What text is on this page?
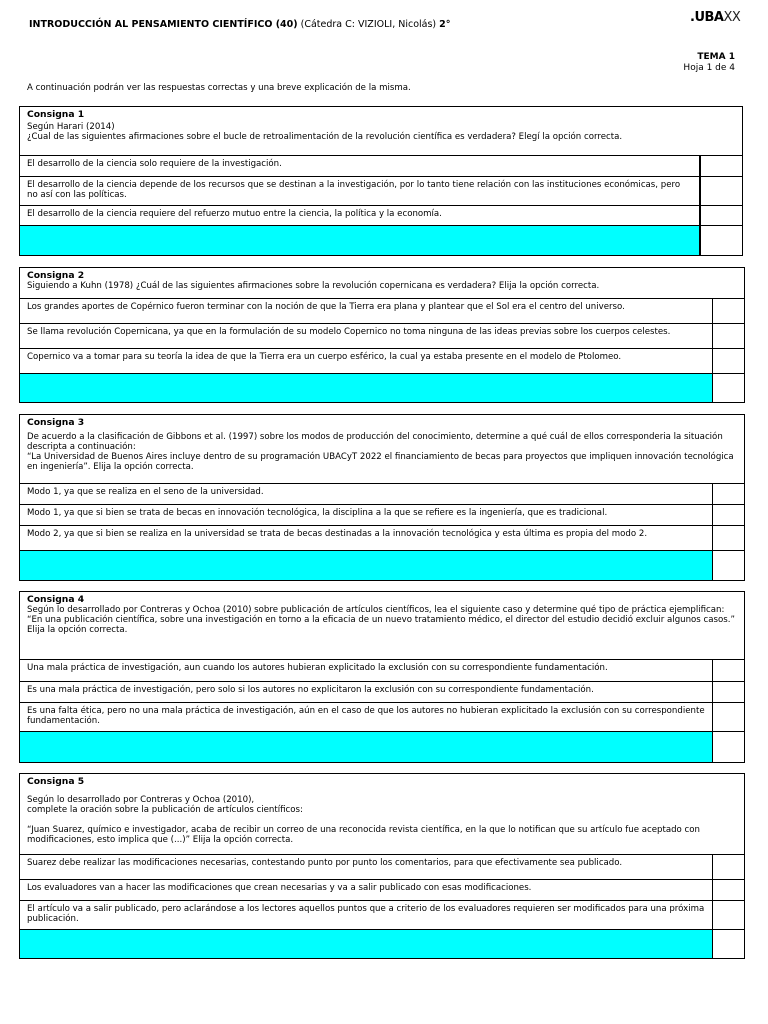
INTRODUCCIÓN AL PENSAMIENTO CIENTÍFICO (40) (Cátedra C: VIZIOLI, Nicolás) 2°	.UBAXX
TEMA 1
Hoja 1 de 4
A continuación podrán ver las respuestas correctas y una breve explicación de la misma.
Consigna 1
Según Harari (2014)
¿Cual de las siguientes afirmaciones sobre el bucle de retroalimentación de la revolución científica es verdadera? Elegí la opción correcta.
El desarrollo de la ciencia solo requiere de la investigación.
El desarrollo de la ciencia depende de los recursos que se destinan a la investigación, por lo tanto tiene relación con las instituciones económicas, pero no así con las políticas.
El desarrollo de la ciencia requiere del refuerzo mutuo entre la ciencia, la política y la economía.
Consigna 2
Siguiendo a Kuhn (1978) ¿Cuál de las siguientes afirmaciones sobre la revolución copernicana es verdadera? Elija la opción correcta.
Los grandes aportes de Copérnico fueron terminar con la noción de que la Tierra era plana y plantear que el Sol era el centro del universo.
Se llama revolución Copernicana, ya que en la formulación de su modelo Copernico no toma ninguna de las ideas previas sobre los cuerpos celestes.
Copernico va a tomar para su teoría la idea de que la Tierra era un cuerpo esférico, la cual ya estaba presente en el modelo de Ptolomeo.
Consigna 3
De acuerdo a la clasificación de Gibbons et al. (1997) sobre los modos de producción del conocimiento, determine a qué cuál de ellos corresponderia la situación descripta a continuación:
“La Universidad de Buenos Aires incluye dentro de su programación UBACyT 2022 el financiamiento de becas para proyectos que impliquen innovación tecnológica en ingeniería”. Elija la opción correcta.
Modo 1, ya que se realiza en el seno de la universidad.
Modo 1, ya que si bien se trata de becas en innovación tecnológica, la disciplina a la que se refiere es la ingeniería, que es tradicional.
Modo 2, ya que si bien se realiza en la universidad se trata de becas destinadas a la innovación tecnológica y esta última es propia del modo 2.
Consigna 4
Según lo desarrollado por Contreras y Ochoa (2010) sobre publicación de artículos científicos, lea el siguiente caso y determine qué tipo de práctica ejemplifican:
“En una publicación científica, sobre una investigación en torno a la eficacia de un nuevo tratamiento médico, el director del estudio decidió excluir algunos casos.”
Elija la opción correcta.
Una mala práctica de investigación, aun cuando los autores hubieran explicitado la exclusión con su correspondiente fundamentación.
Es una mala práctica de investigación, pero solo si los autores no explicitaron la exclusión con su correspondiente fundamentación.
Es una falta ética, pero no una mala práctica de investigación, aún en el caso de que los autores no hubieran explicitado la exclusión con su correspondiente fundamentación.
Consigna 5
Según lo desarrollado por Contreras y Ochoa (2010),
complete la oración sobre la publicación de artículos científicos:
“Juan Suarez, químico e investigador, acaba de recibir un correo de una reconocida revista científica, en la que lo notifican que su artículo fue aceptado con modificaciones, esto implica que (...)” Elija la opción correcta.
Suarez debe realizar las modificaciones necesarias, contestando punto por punto los comentarios, para que efectivamente sea publicado.
Los evaluadores van a hacer las modificaciones que crean necesarias y va a salir publicado con esas modificaciones.
El artículo va a salir publicado, pero aclarándose a los lectores aquellos puntos que a criterio de los evaluadores requieren ser modificados para una próxima publicación.
